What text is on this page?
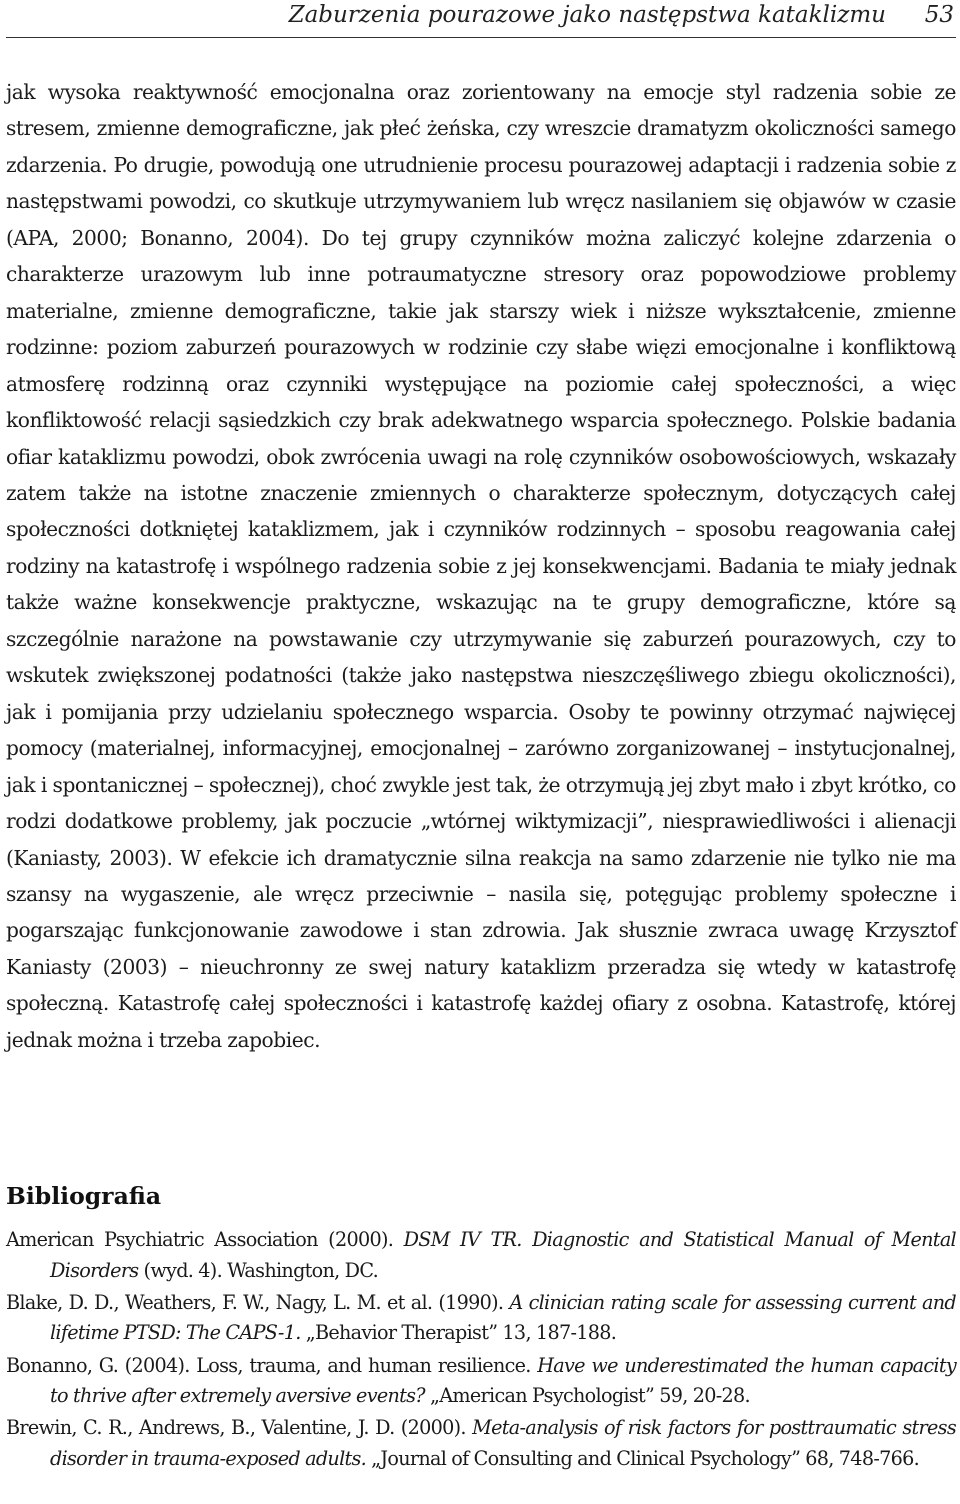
Zaburzenia pourazowe jako następstwa kataklizmu 53

jak wysoka reaktywność emocjonalna oraz zorientowany na emocje styl radzenia sobie ze stresem, zmienne demograficzne, jak płeć żeńska, czy wreszcie dramatyzm okoliczności samego zdarzenia. Po drugie, powodują one utrudnienie procesu pourazowej adaptacji i radzenia sobie z następstwami powodzi, co skutkuje utrzymywaniem lub wręcz nasilaniem się objawów w czasie (APA, 2000; Bonanno, 2004). Do tej grupy czynników można zaliczyć kolejne zdarzenia o charakterze urazowym lub inne potraumatyczne stresory oraz popowodziowe problemy materialne, zmienne demograficzne, takie jak starszy wiek i niższe wykształcenie, zmienne rodzinne: poziom zaburzeń pourazowych w rodzinie czy słabe więzi emocjonalne i konfliktową atmosferę rodzinną oraz czynniki występujące na poziomie całej społeczności, a więc konfliktowość relacji sąsiedzkich czy brak adekwatnego wsparcia społecznego. Polskie badania ofiar kataklizmu powodzi, obok zwrócenia uwagi na rolę czynników osobowościowych, wskazały zatem także na istotne znaczenie zmiennych o charakterze społecznym, dotyczących całej społeczności dotkniętej kataklizmem, jak i czynników rodzinnych – sposobu reagowania całej rodziny na katastrofę i wspólnego radzenia sobie z jej konsekwencjami. Badania te miały jednak także ważne konsekwencje praktyczne, wskazując na te grupy demograficzne, które są szczególnie narażone na powstawanie czy utrzymywanie się zaburzeń pourazowych, czy to wskutek zwiększonej podatności (także jako następstwa nieszczęśliwego zbiegu okoliczności), jak i pomijania przy udzielaniu społecznego wsparcia. Osoby te powinny otrzymać najwięcej pomocy (materialnej, informacyjnej, emocjonalnej – zarówno zorganizowanej – instytucjonalnej, jak i spontanicznej – społecznej), choć zwykle jest tak, że otrzymują jej zbyt mało i zbyt krótko, co rodzi dodatkowe problemy, jak poczucie „wtórnej wiktymizacji”, niesprawiedliwości i alienacji (Kaniasty, 2003). W efekcie ich dramatycznie silna reakcja na samo zdarzenie nie tylko nie ma szansy na wygaszenie, ale wręcz przeciwnie – nasila się, potęgując problemy społeczne i pogarszając funkcjonowanie zawodowe i stan zdrowia. Jak słusznie zwraca uwagę Krzysztof Kaniasty (2003) – nieuchronny ze swej natury kataklizm przeradza się wtedy w katastrofę społeczną. Katastrofę całej społeczności i katastrofę każdej ofiary z osobna. Katastrofę, której jednak można i trzeba zapobiec.

Bibliografia
American Psychiatric Association (2000). DSM IV TR. Diagnostic and Statistical Manual of Mental Disorders (wyd. 4). Washington, DC.
Blake, D. D., Weathers, F. W., Nagy, L. M. et al. (1990). A clinician rating scale for assessing current and lifetime PTSD: The CAPS-1. „Behavior Therapist” 13, 187-188.
Bonanno, G. (2004). Loss, trauma, and human resilience. Have we underestimated the human capacity to thrive after extremely aversive events? „American Psychologist” 59, 20-28.
Brewin, C. R., Andrews, B., Valentine, J. D. (2000). Meta-analysis of risk factors for posttraumatic stress disorder in trauma-exposed adults. „Journal of Consulting and Clinical Psychology” 68, 748-766.
